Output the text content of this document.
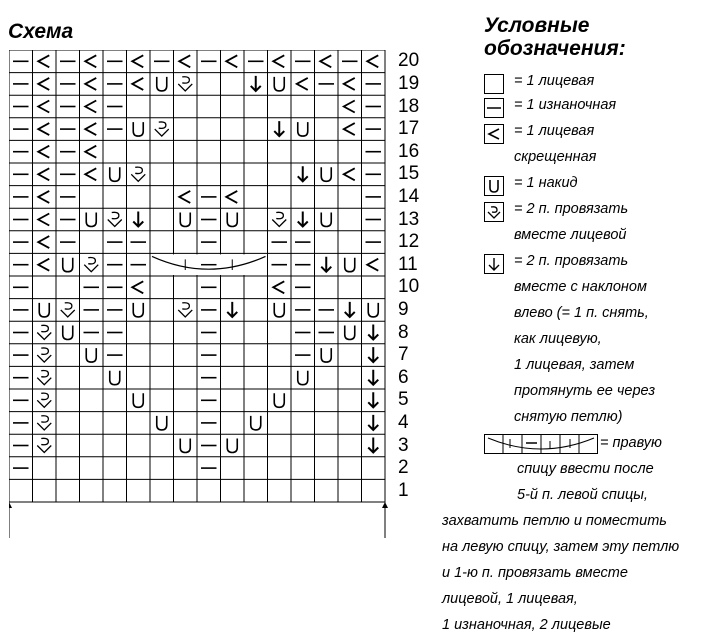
Схема
20
19
18
17
16
15
14
13
12
11
10
9
8
7
6
5
4
3
2
1
Условные
обозначения:
= 1 лицевая
= 1 изнаночная
= 1 лицевая
скрещенная
= 1 накид
= 2 п. провязать
вместе лицевой
= 2 п. провязать
вместе с наклоном
влево (= 1 п. снять,
как лицевую,
1 лицевая, затем
протянуть ее через
снятую петлю)
= правую
спицу ввести после
5-й п. левой спицы,
захватить петлю и поместить
на левую спицу, затем эту петлю
и 1-ю п. провязать вместе
лицевой, 1 лицевая,
1 изнаночная, 2 лицевые
